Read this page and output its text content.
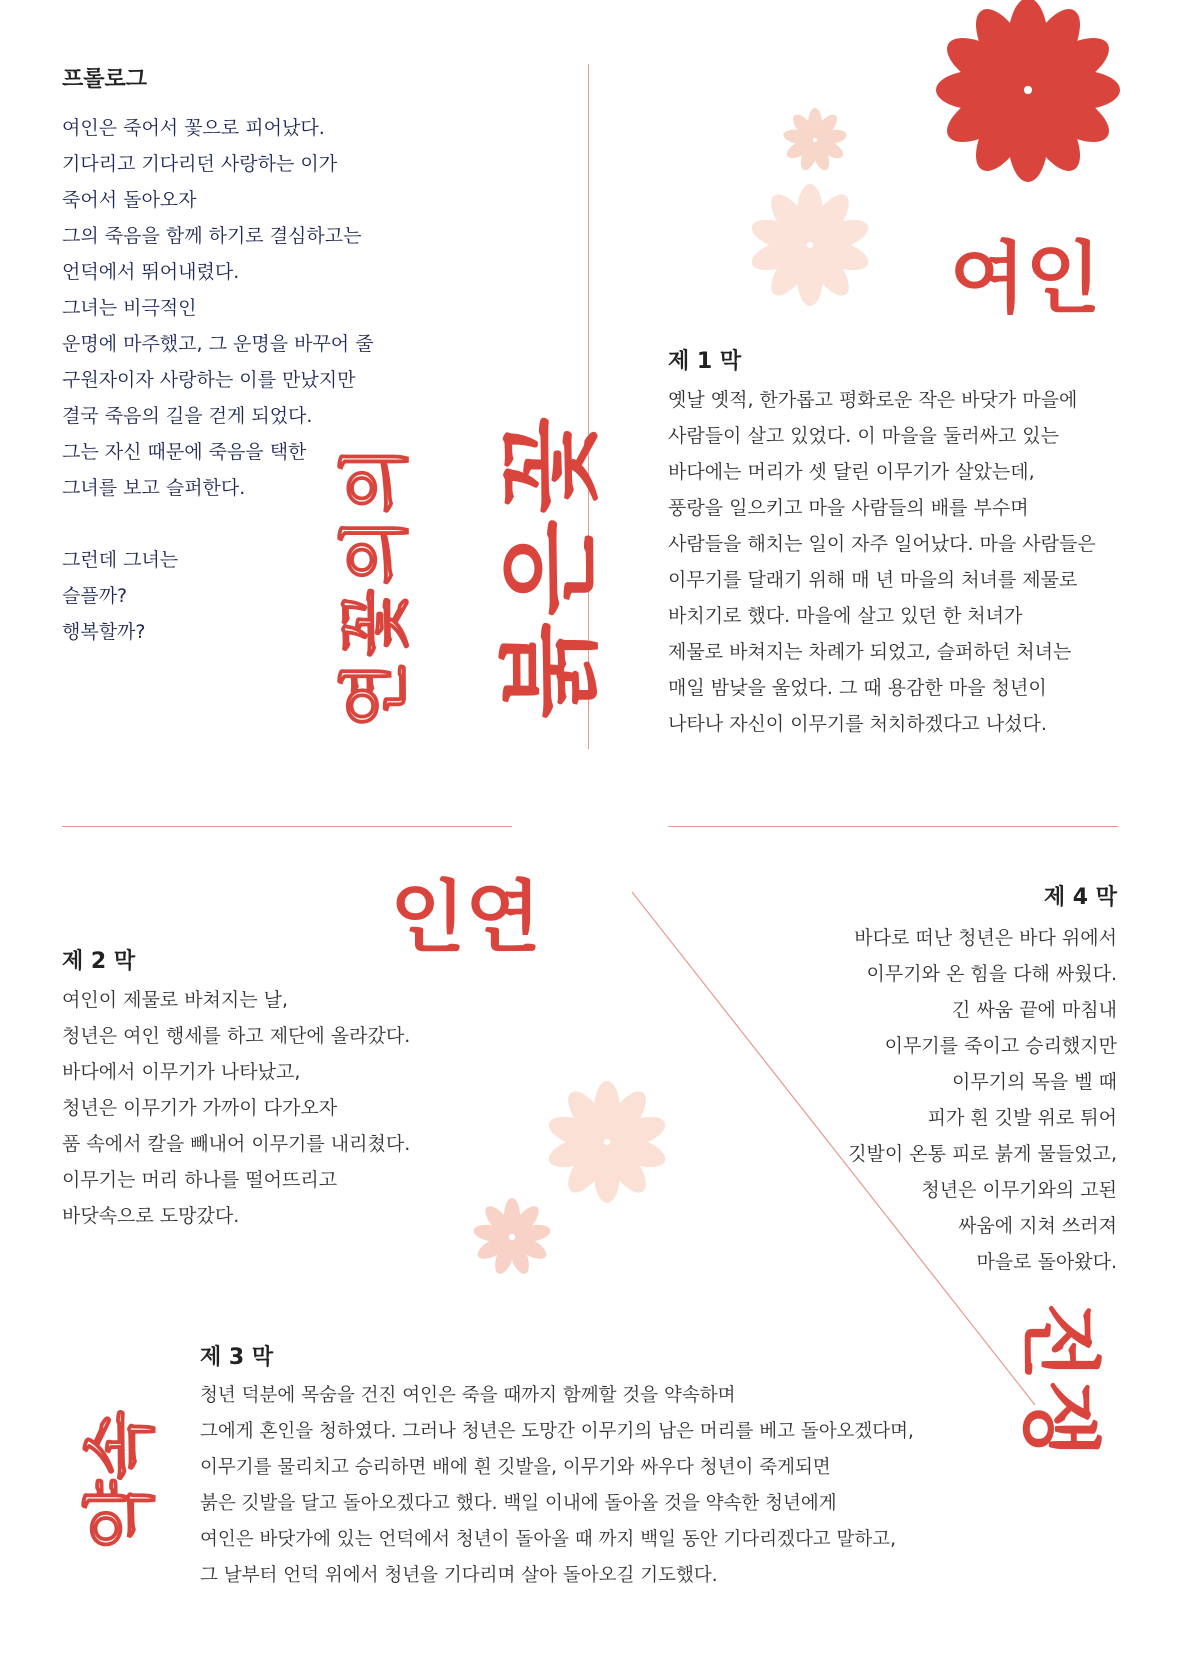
프롤로그

여인은 죽어서 꽃으로 피어났다.

기다리고 기다리던 사랑하는 이가

죽어서 돌아오자

그의 죽음을 함께 하기로 결심하고는

언덕에서 뛰어내렸다.

그녀는 비극적인

운명에 마주했고, 그 운명을 바꾸어 줄

구원자이자 사랑하는 이를 만났지만

결국 죽음의 길을 걷게 되었다.

그는 자신 때문에 죽음을 택한

그녀를 보고 슬퍼한다.

그런데 그녀는

슬플까?

행복할까?	붉은꽃
연꽃의의
여인
제 1 막

옛날 옛적, 한가롭고 평화로운 작은 바닷가 마을에

사람들이 살고 있었다. 이 마을을 둘러싸고 있는

바다에는 머리가 셋 달린 이무기가 살았는데,

풍랑을 일으키고 마을 사람들의 배를 부수며

사람들을 해치는 일이 자주 일어났다. 마을 사람들은

이무기를 달래기 위해 매 년 마을의 처녀를 제물로

바치기로 했다. 마을에 살고 있던 한 처녀가

제물로 바쳐지는 차례가 되었고, 슬퍼하던 처녀는

매일 밤낮을 울었다. 그 때 용감한 마을 청년이

나타나 자신이 이무기를 처치하겠다고 나섰다.

인연
제 2 막

여인이 제물로 바쳐지는 날,

청년은 여인 행세를 하고 제단에 올라갔다.

바다에서 이무기가 나타났고,

청년은 이무기가 가까이 다가오자

품 속에서 칼을 빼내어 이무기를 내리쳤다.

이무기는 머리 하나를 떨어뜨리고

바닷속으로 도망갔다.

제 4 막

바다로 떠난 청년은 바다 위에서

이무기와 온 힘을 다해 싸웠다.

긴 싸움 끝에 마침내

이무기를 죽이고 승리했지만

이무기의 목을 벨 때

피가 흰 깃발 위로 튀어

깃발이 온통 피로 붉게 물들었고,

청년은 이무기와의 고된

싸움에 지쳐 쓰러져

마을로 돌아왔다.

전쟁
약속
제 3 막

청년 덕분에 목숨을 건진 여인은 죽을 때까지 함께할 것을 약속하며

그에게 혼인을 청하였다. 그러나 청년은 도망간 이무기의 남은 머리를 베고 돌아오겠다며,

이무기를 물리치고 승리하면 배에 흰 깃발을, 이무기와 싸우다 청년이 죽게되면

붉은 깃발을 달고 돌아오겠다고 했다. 백일 이내에 돌아올 것을 약속한 청년에게

여인은 바닷가에 있는 언덕에서 청년이 돌아올 때 까지 백일 동안 기다리겠다고 말하고,

그 날부터 언덕 위에서 청년을 기다리며 살아 돌아오길 기도했다.
